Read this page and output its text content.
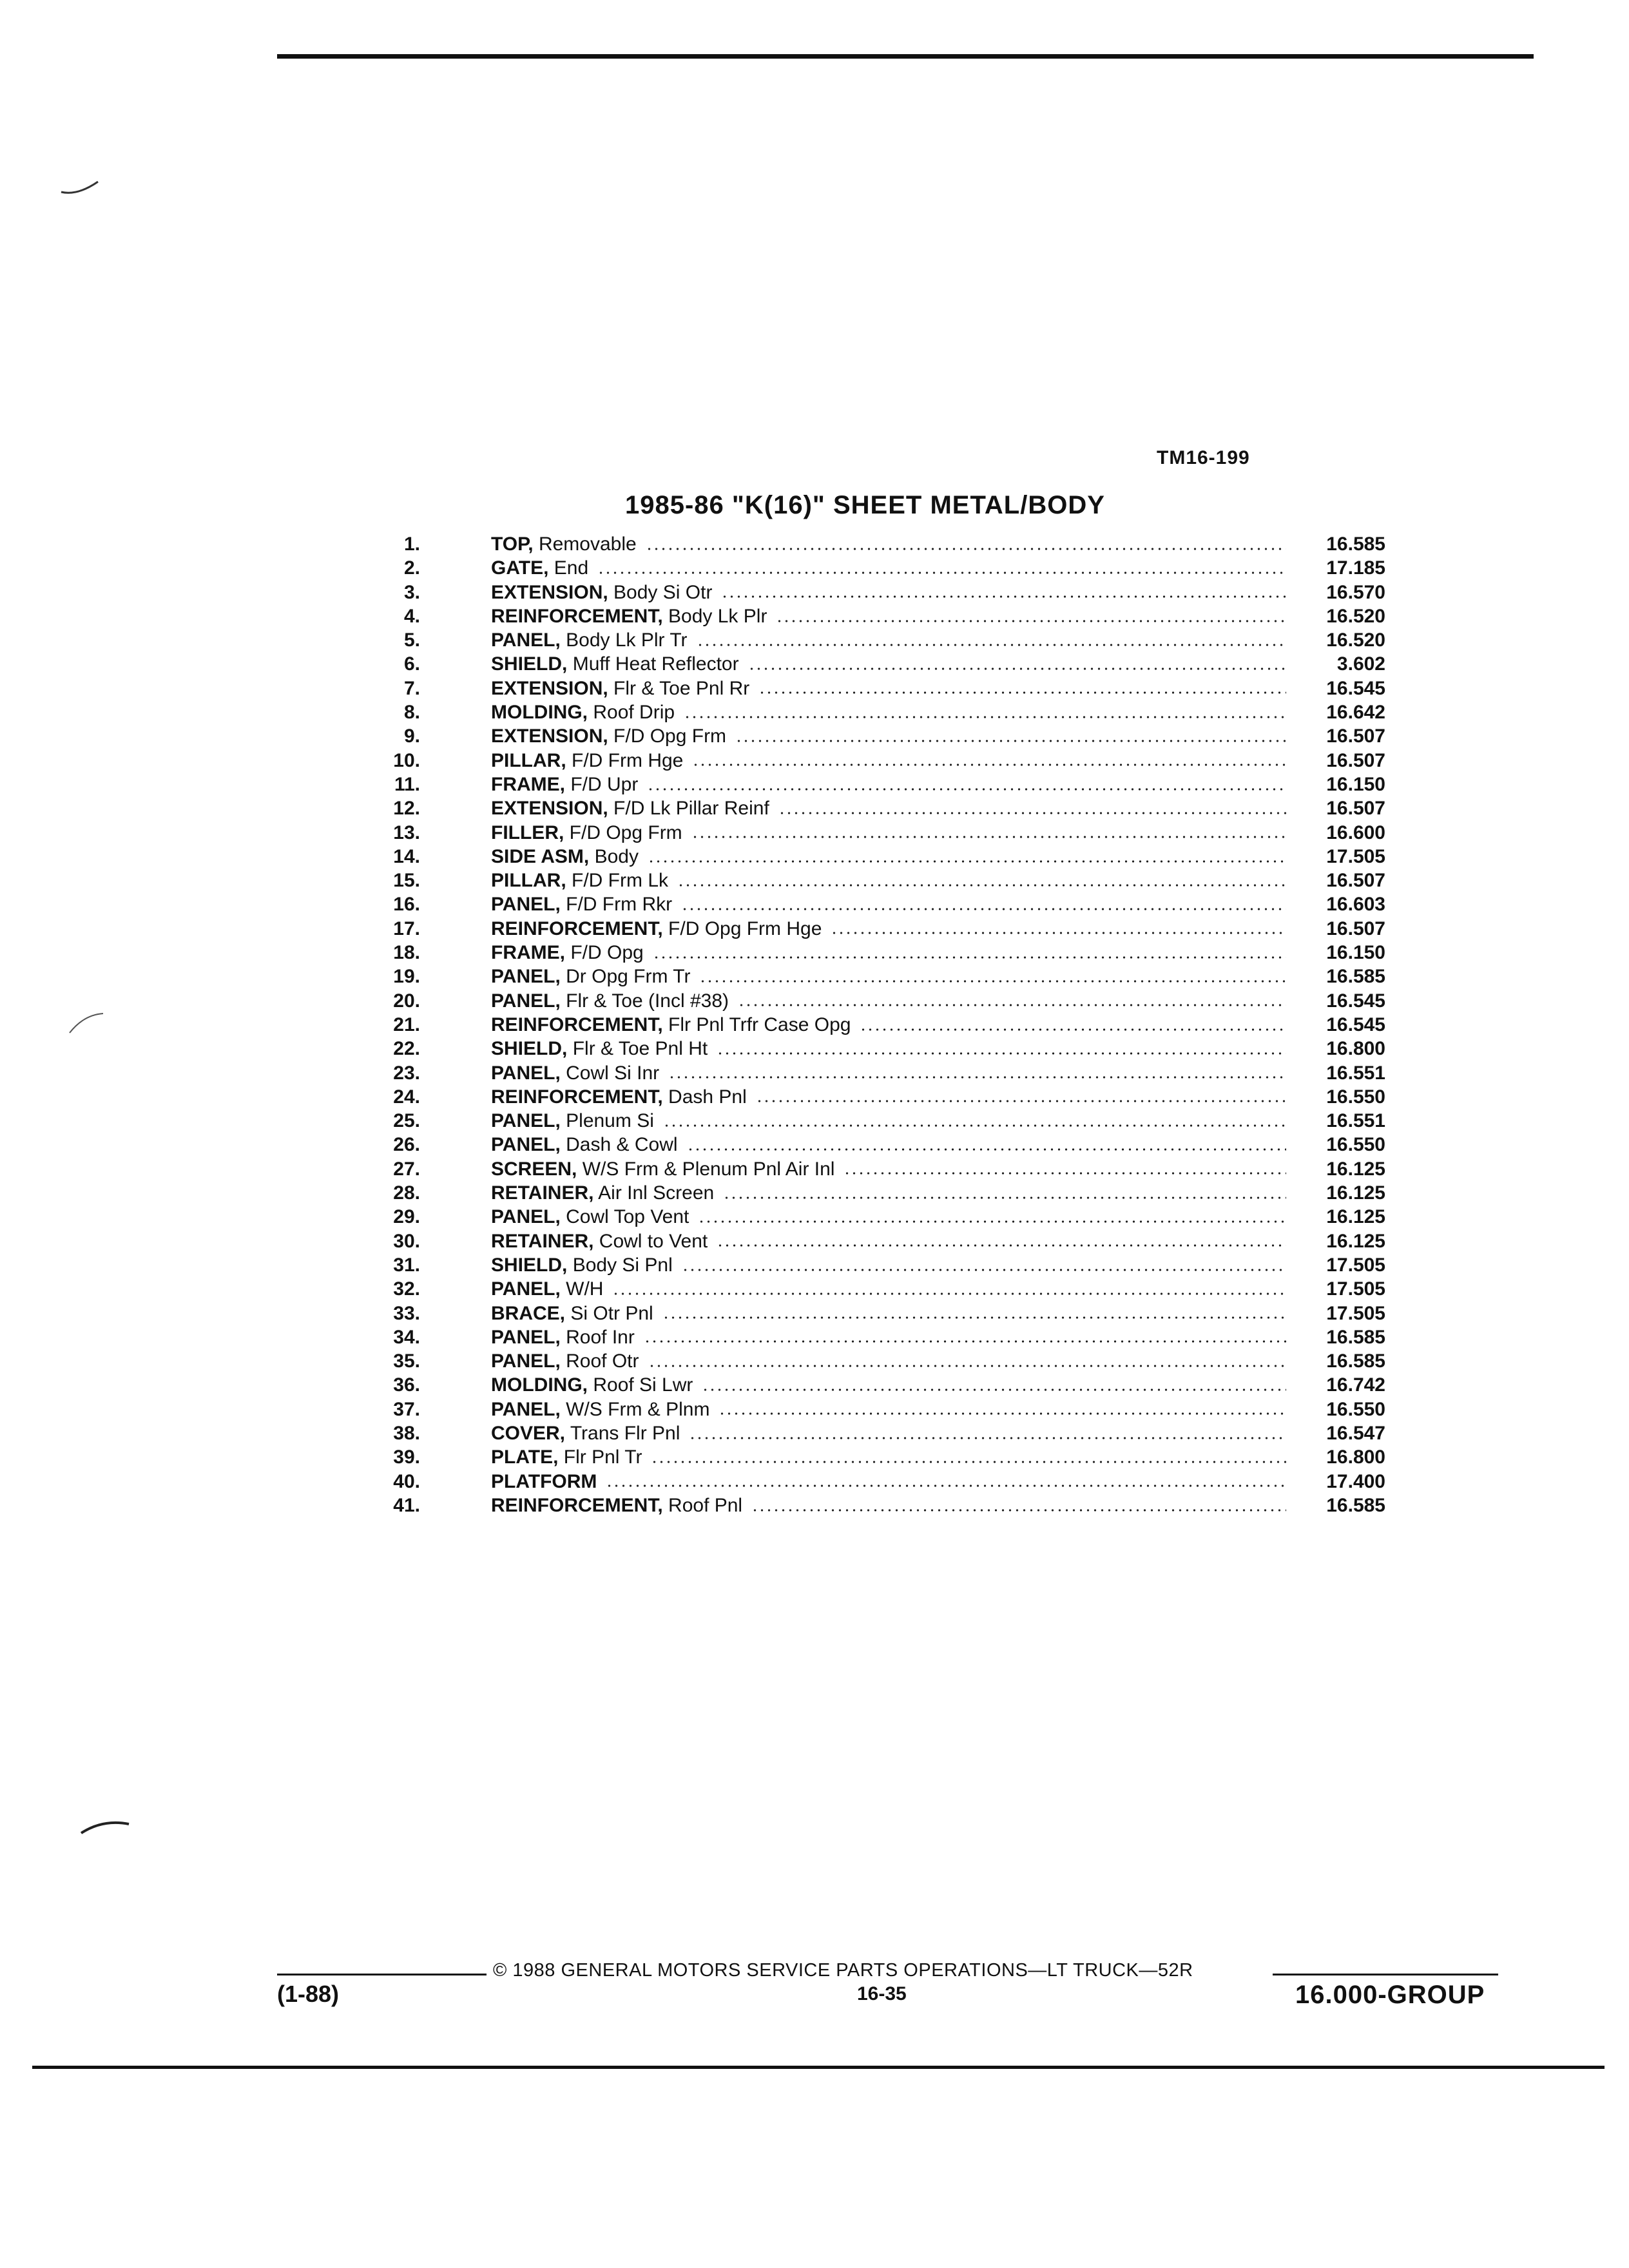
TM16-199
1985-86 "K(16)" SHEET METAL/BODY
1.	TOP, Removable	16.585
2.	GATE, End	17.185
3.	EXTENSION, Body Si Otr	16.570
4.	REINFORCEMENT, Body Lk Plr	16.520
5.	PANEL, Body Lk Plr Tr	16.520
6.	SHIELD, Muff Heat Reflector	3.602
7.	EXTENSION, Flr & Toe Pnl Rr	16.545
8.	MOLDING, Roof Drip	16.642
9.	EXTENSION, F/D Opg Frm	16.507
10.	PILLAR, F/D Frm Hge	16.507
11.	FRAME, F/D Upr	16.150
12.	EXTENSION, F/D Lk Pillar Reinf	16.507
13.	FILLER, F/D Opg Frm	16.600
14.	SIDE ASM, Body	17.505
15.	PILLAR, F/D Frm Lk	16.507
16.	PANEL, F/D Frm Rkr	16.603
17.	REINFORCEMENT, F/D Opg Frm Hge	16.507
18.	FRAME, F/D Opg	16.150
19.	PANEL, Dr Opg Frm Tr	16.585
20.	PANEL, Flr & Toe (Incl #38)	16.545
21.	REINFORCEMENT, Flr Pnl Trfr Case Opg	16.545
22.	SHIELD, Flr & Toe Pnl Ht	16.800
23.	PANEL, Cowl Si Inr	16.551
24.	REINFORCEMENT, Dash Pnl	16.550
25.	PANEL, Plenum Si	16.551
26.	PANEL, Dash & Cowl	16.550
27.	SCREEN, W/S Frm & Plenum Pnl Air Inl	16.125
28.	RETAINER, Air Inl Screen	16.125
29.	PANEL, Cowl Top Vent	16.125
30.	RETAINER, Cowl to Vent	16.125
31.	SHIELD, Body Si Pnl	17.505
32.	PANEL, W/H	17.505
33.	BRACE, Si Otr Pnl	17.505
34.	PANEL, Roof Inr	16.585
35.	PANEL, Roof Otr	16.585
36.	MOLDING, Roof Si Lwr	16.742
37.	PANEL, W/S Frm & Plnm	16.550
38.	COVER, Trans Flr Pnl	16.547
39.	PLATE, Flr Pnl Tr	16.800
40.	PLATFORM	17.400
41.	REINFORCEMENT, Roof Pnl	16.585
© 1988 GENERAL MOTORS SERVICE PARTS OPERATIONS—LT TRUCK—52R
(1-88)	16-35	16.000-GROUP
